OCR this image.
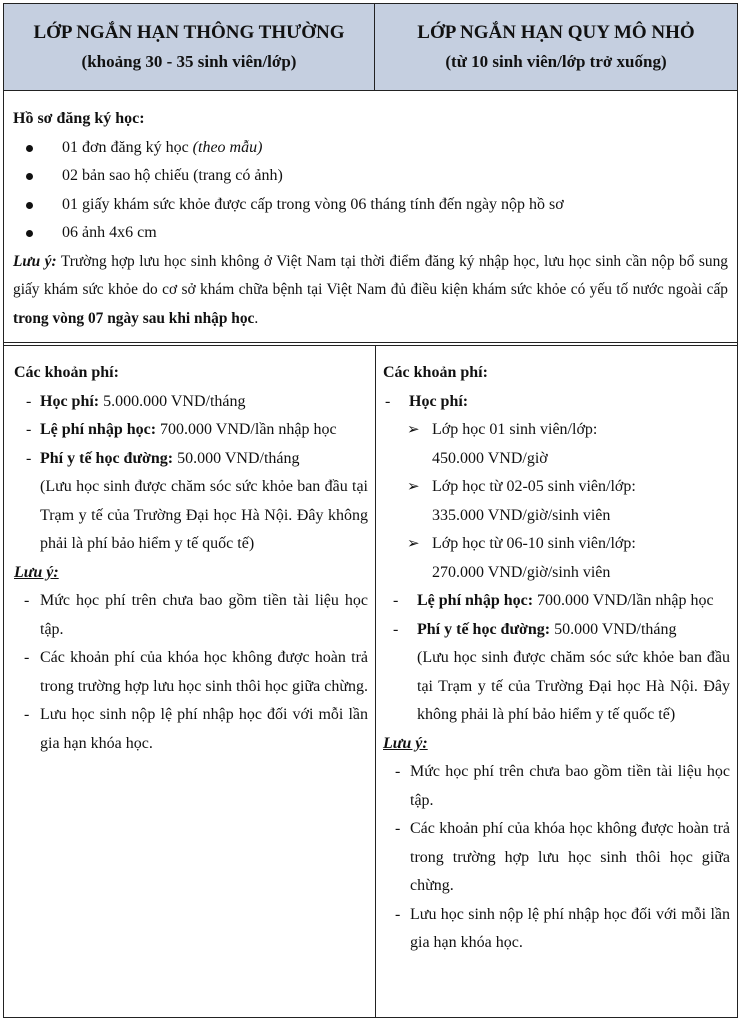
LỚP NGẮN HẠN THÔNG THƯỜNG
(khoảng 30 - 35 sinh viên/lớp)
LỚP NGẮN HẠN QUY MÔ NHỎ
(từ 10 sinh viên/lớp trở xuống)
Hồ sơ đăng ký học:
01 đơn đăng ký học (theo mẫu)
02 bản sao hộ chiếu (trang có ảnh)
01 giấy khám sức khỏe được cấp trong vòng 06 tháng tính đến ngày nộp hồ sơ
06 ảnh 4x6 cm
Lưu ý: Trường hợp lưu học sinh không ở Việt Nam tại thời điểm đăng ký nhập học, lưu học sinh cần nộp bổ sung giấy khám sức khỏe do cơ sở khám chữa bệnh tại Việt Nam đủ điều kiện khám sức khỏe có yếu tố nước ngoài cấp trong vòng 07 ngày sau khi nhập học.
Các khoản phí:
- Học phí: 5.000.000 VND/tháng
- Lệ phí nhập học: 700.000 VND/lần nhập học
- Phí y tế học đường: 50.000 VND/tháng
(Lưu học sinh được chăm sóc sức khỏe ban đầu tại Trạm y tế của Trường Đại học Hà Nội. Đây không phải là phí bảo hiểm y tế quốc tế)
Lưu ý:
- Mức học phí trên chưa bao gồm tiền tài liệu học tập.
- Các khoản phí của khóa học không được hoàn trả trong trường hợp lưu học sinh thôi học giữa chừng.
- Lưu học sinh nộp lệ phí nhập học đối với mỗi lần gia hạn khóa học.
Các khoản phí:
- Học phí:
➢ Lớp học 01 sinh viên/lớp:
450.000 VND/giờ
➢ Lớp học từ 02-05 sinh viên/lớp:
335.000 VND/giờ/sinh viên
➢ Lớp học từ 06-10 sinh viên/lớp:
270.000 VND/giờ/sinh viên
- Lệ phí nhập học: 700.000 VND/lần nhập học
- Phí y tế học đường: 50.000 VND/tháng
(Lưu học sinh được chăm sóc sức khỏe ban đầu tại Trạm y tế của Trường Đại học Hà Nội. Đây không phải là phí bảo hiểm y tế quốc tế)
Lưu ý:
- Mức học phí trên chưa bao gồm tiền tài liệu học tập.
- Các khoản phí của khóa học không được hoàn trả trong trường hợp lưu học sinh thôi học giữa chừng.
- Lưu học sinh nộp lệ phí nhập học đối với mỗi lần gia hạn khóa học.
